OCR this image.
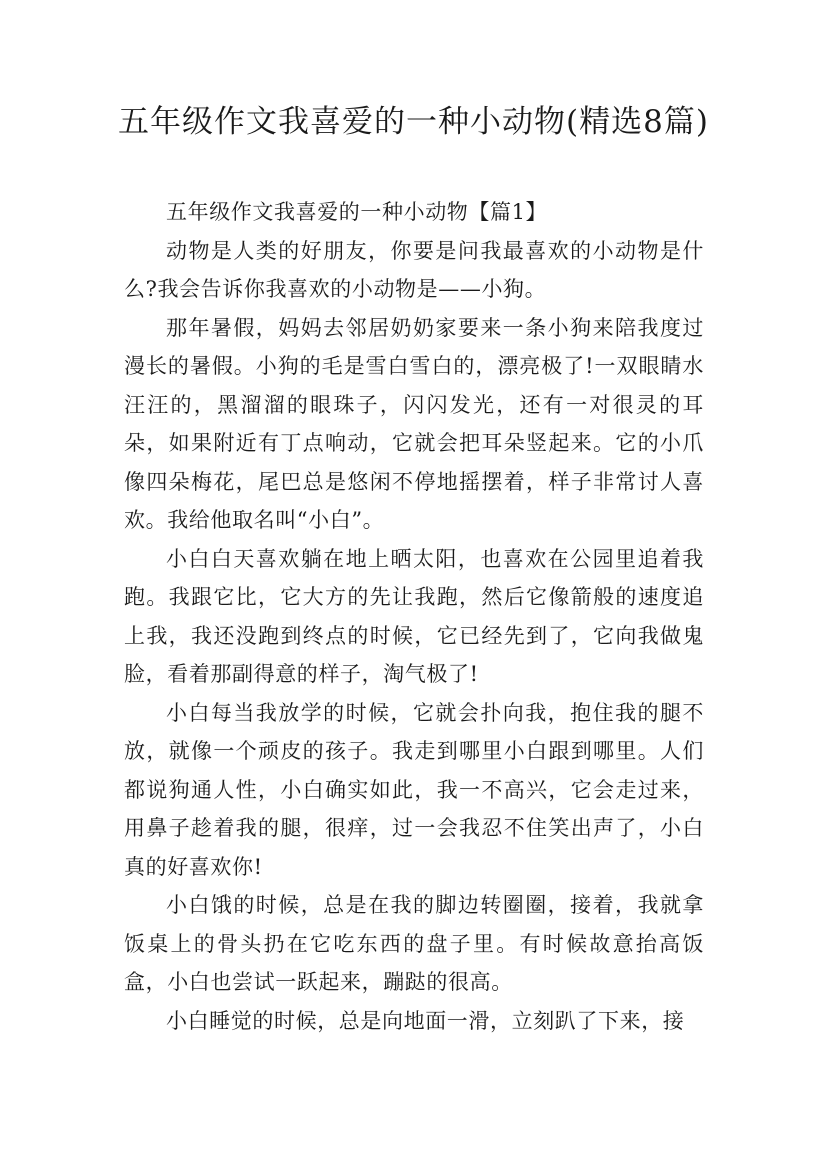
五年级作文我喜爱的一种小动物(精选8篇)

五年级作文我喜爱的一种小动物【篇1】

动物是人类的好朋友，你要是问我最喜欢的小动物是什么?我会告诉你我喜欢的小动物是——小狗。

那年暑假，妈妈去邻居奶奶家要来一条小狗来陪我度过漫长的暑假。小狗的毛是雪白雪白的，漂亮极了!一双眼睛水汪汪的，黑溜溜的眼珠子，闪闪发光，还有一对很灵的耳朵，如果附近有丁点响动，它就会把耳朵竖起来。它的小爪像四朵梅花，尾巴总是悠闲不停地摇摆着，样子非常讨人喜欢。我给他取名叫“小白”。

小白白天喜欢躺在地上晒太阳，也喜欢在公园里追着我跑。我跟它比，它大方的先让我跑，然后它像箭般的速度追上我，我还没跑到终点的时候，它已经先到了，它向我做鬼脸，看着那副得意的样子，淘气极了!

小白每当我放学的时候，它就会扑向我，抱住我的腿不放，就像一个顽皮的孩子。我走到哪里小白跟到哪里。人们都说狗通人性，小白确实如此，我一不高兴，它会走过来，用鼻子趁着我的腿，很痒，过一会我忍不住笑出声了，小白真的好喜欢你!

小白饿的时候，总是在我的脚边转圈圈，接着，我就拿饭桌上的骨头扔在它吃东西的盘子里。有时候故意抬高饭盒，小白也尝试一跃起来，蹦跶的很高。

小白睡觉的时候，总是向地面一滑，立刻趴了下来，接
